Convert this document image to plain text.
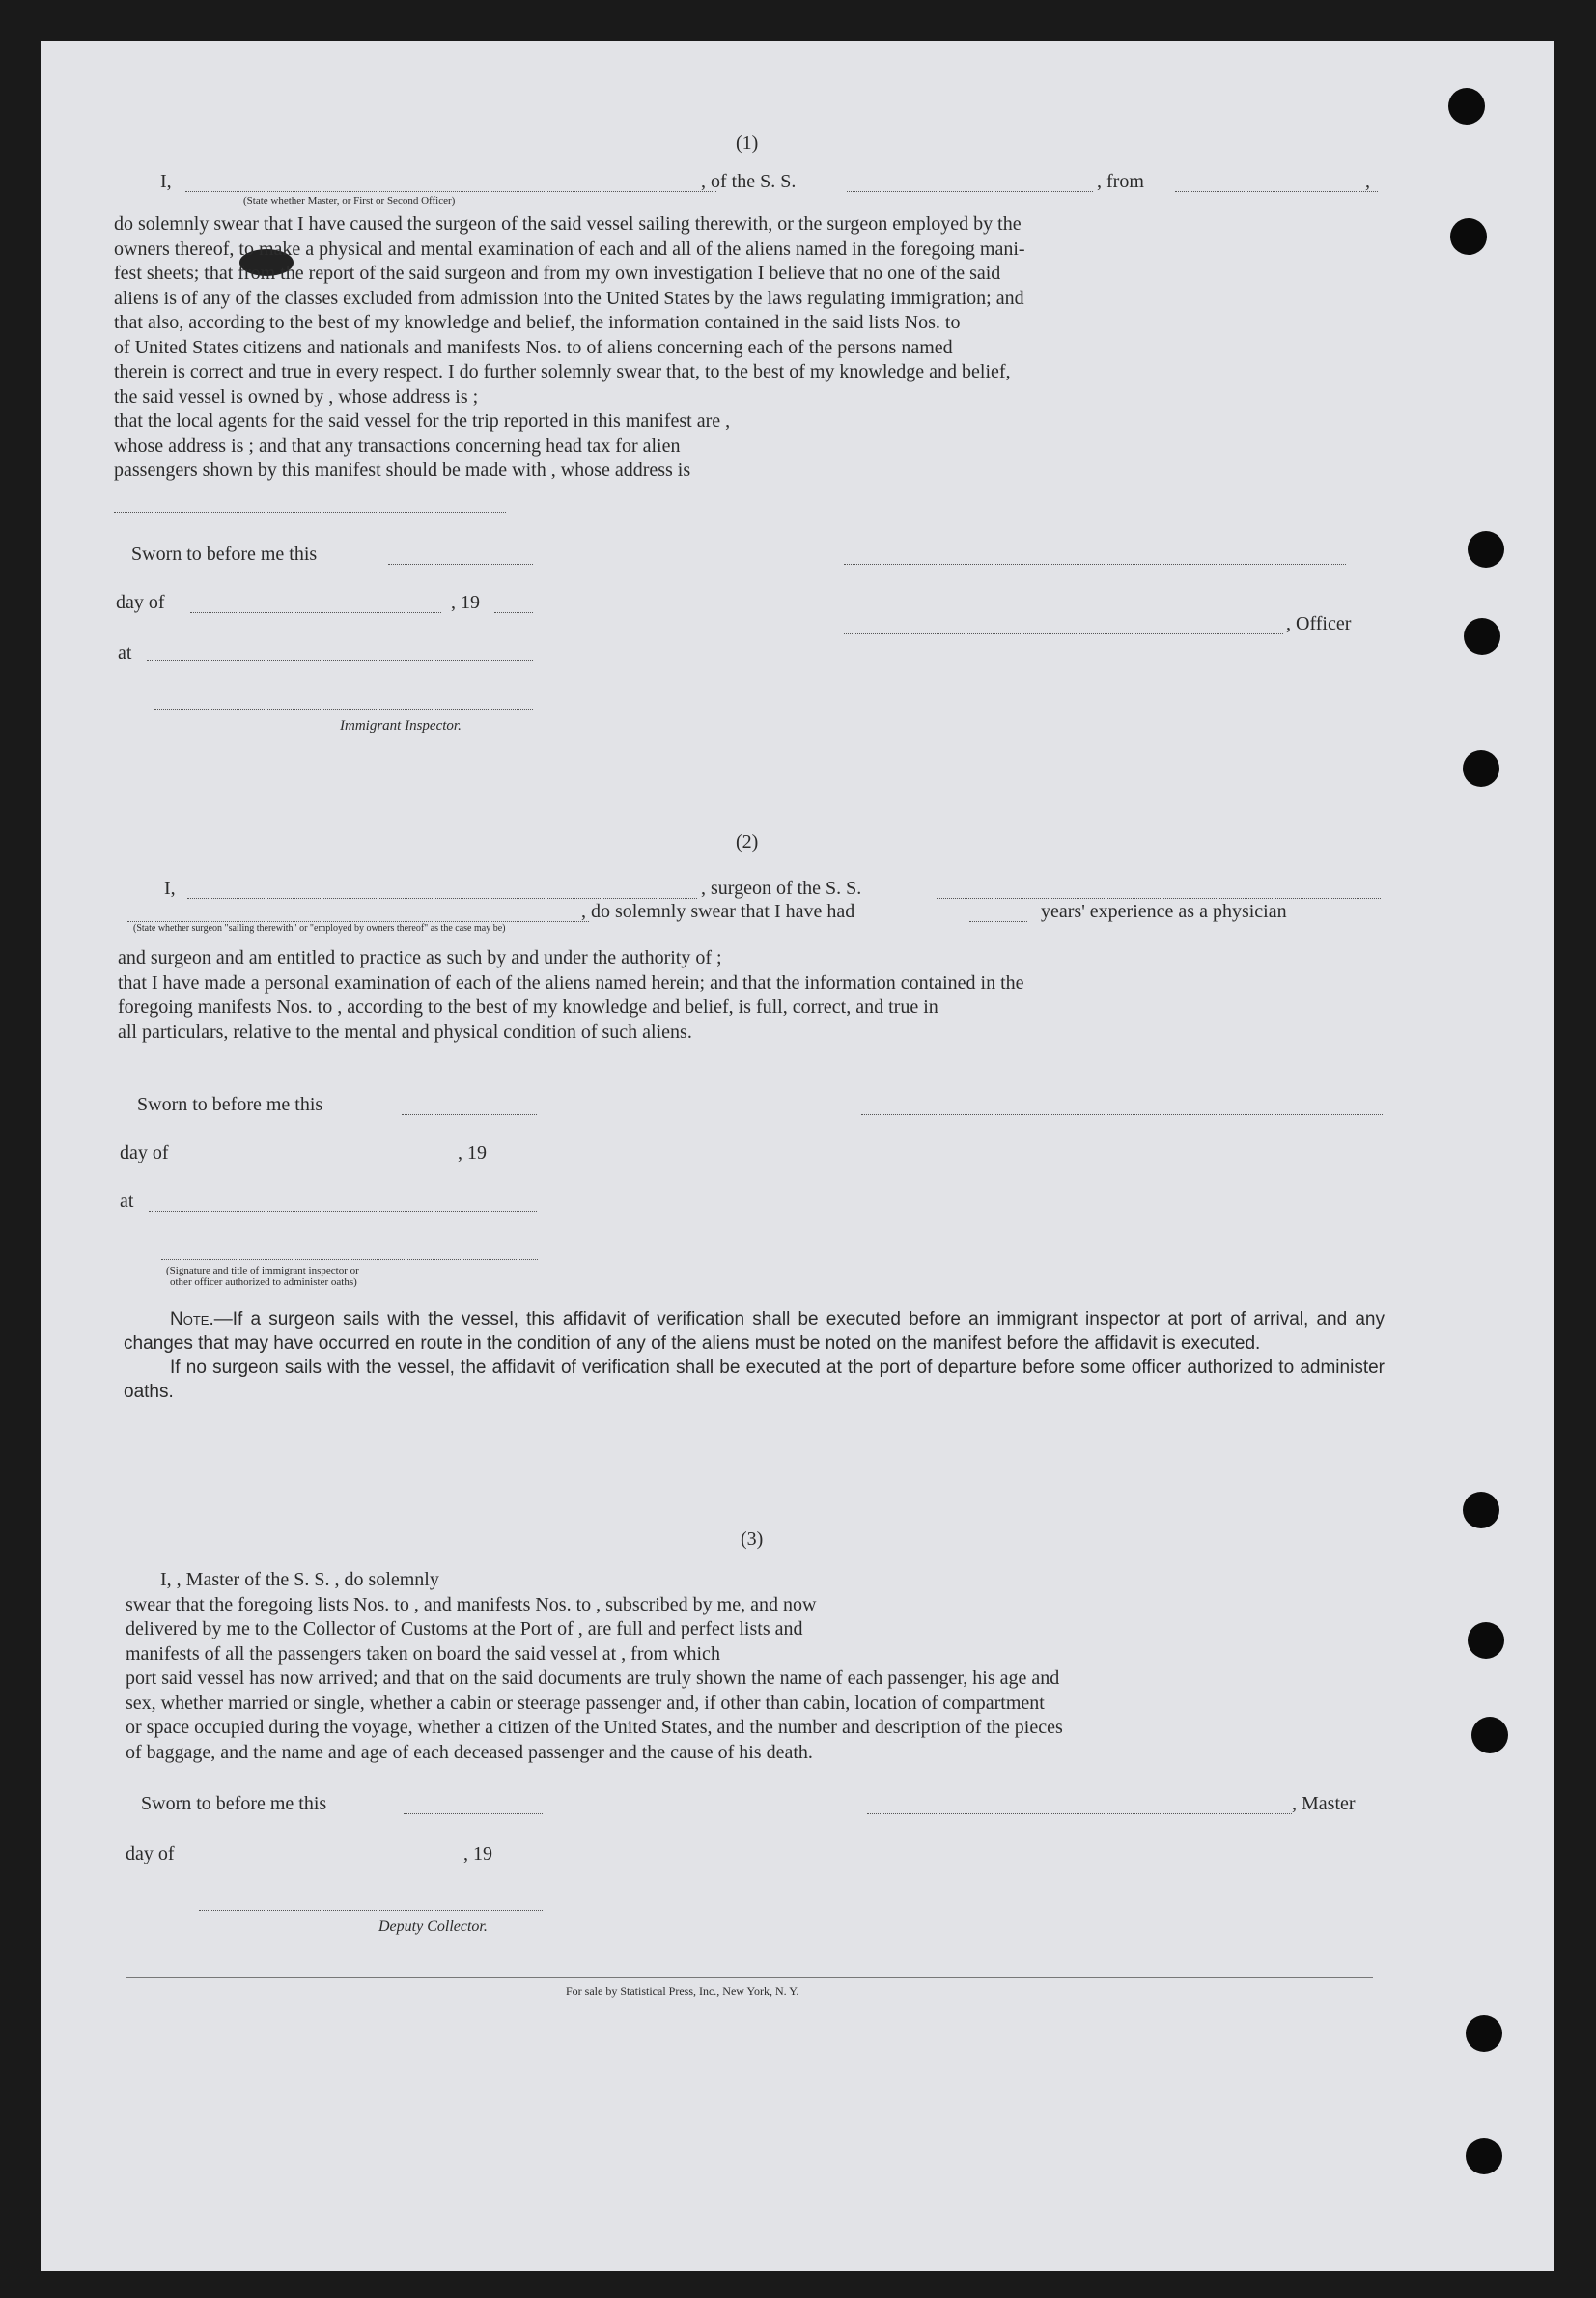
(1)
I,	, of the S. S.	, from	,
(State whether Master, or First or Second Officer)

do solemnly swear that I have caused the surgeon of the said vessel sailing therewith, or the surgeon employed by the

owners thereof, to make a physical and mental examination of each and all of the aliens named in the foregoing mani-

fest sheets; that from the report of the said surgeon and from my own investigation I believe that no one of the said

aliens is of any of the classes excluded from admission into the United States by the laws regulating immigration; and

that also, according to the best of my knowledge and belief, the information contained in the said lists Nos. to

of United States citizens and nationals and manifests Nos. to of aliens concerning each of the persons named

therein is correct and true in every respect. I do further solemnly swear that, to the best of my knowledge and belief,

the said vessel is owned by , whose address is ;

that the local agents for the said vessel for the trip reported in this manifest are ,

whose address is ; and that any transactions concerning head tax for alien

passengers shown by this manifest should be made with , whose address is

Sworn to before me this
day of	, 19
, Officer
at
Immigrant Inspector.
(2)
I,	, surgeon of the S. S.
, do solemnly swear that I have had	years' experience as a physician
(State whether surgeon "sailing therewith" or "employed by owners thereof" as the case may be)

and surgeon and am entitled to practice as such by and under the authority of ;

that I have made a personal examination of each of the aliens named herein; and that the information contained in the

foregoing manifests Nos. to , according to the best of my knowledge and belief, is full, correct, and true in

all particulars, relative to the mental and physical condition of such aliens.

Sworn to before me this
day of	, 19
at
(Signature and title of immigrant inspector or
other officer authorized to administer oaths)

Note.—If a surgeon sails with the vessel, this affidavit of verification shall be executed before an immigrant inspector at port of arrival, and any changes that may have occurred en route in the condition of any of the aliens must be noted on the manifest before the affidavit is executed.

If no surgeon sails with the vessel, the affidavit of verification shall be executed at the port of departure before some officer authorized to administer oaths.

(3)

I, , Master of the S. S. , do solemnly

swear that the foregoing lists Nos. to , and manifests Nos. to , subscribed by me, and now

delivered by me to the Collector of Customs at the Port of , are full and perfect lists and

manifests of all the passengers taken on board the said vessel at , from which

port said vessel has now arrived; and that on the said documents are truly shown the name of each passenger, his age and

sex, whether married or single, whether a cabin or steerage passenger and, if other than cabin, location of compartment

or space occupied during the voyage, whether a citizen of the United States, and the number and description of the pieces

of baggage, and the name and age of each deceased passenger and the cause of his death.

Sworn to before me this	, Master
day of	, 19
Deputy Collector.
For sale by Statistical Press, Inc., New York, N. Y.
